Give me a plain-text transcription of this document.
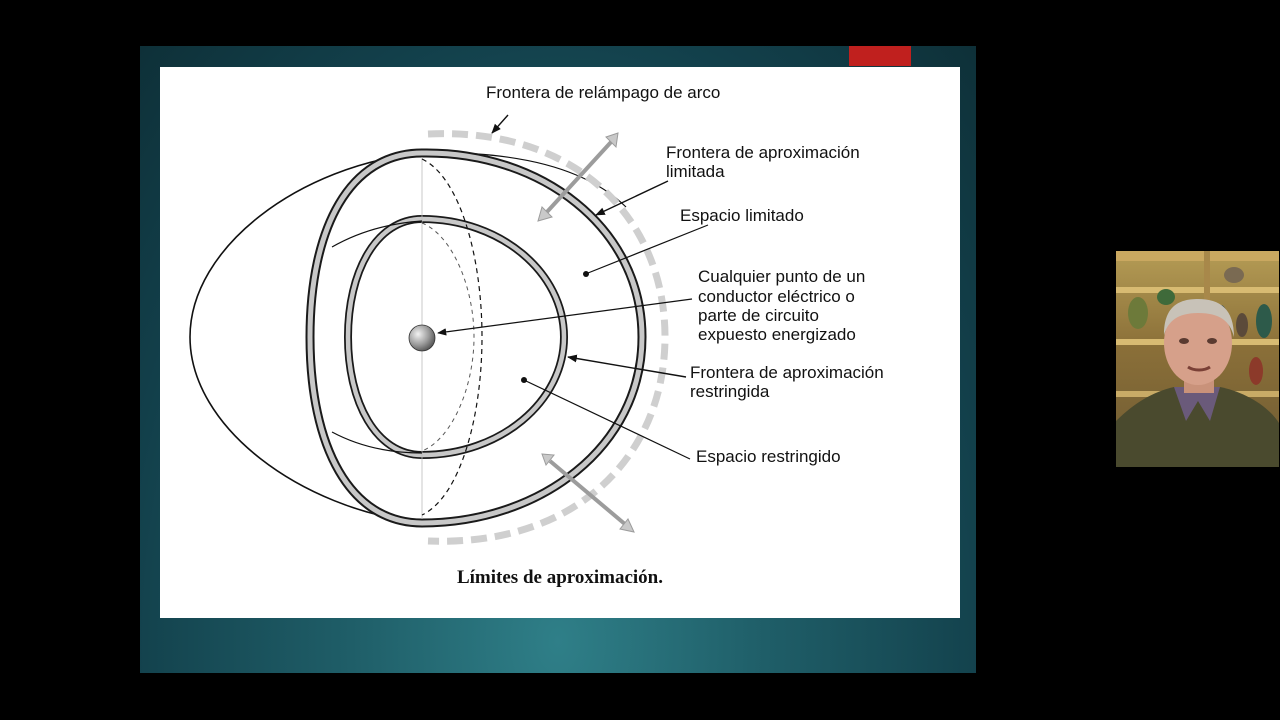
Frontera de relámpago de arco
Frontera de aproximación
limitada
Espacio limitado
Cualquier punto de un
conductor eléctrico o
parte de circuito
expuesto energizado
Frontera de aproximación
restringida
Espacio restringido
Límites de aproximación.
